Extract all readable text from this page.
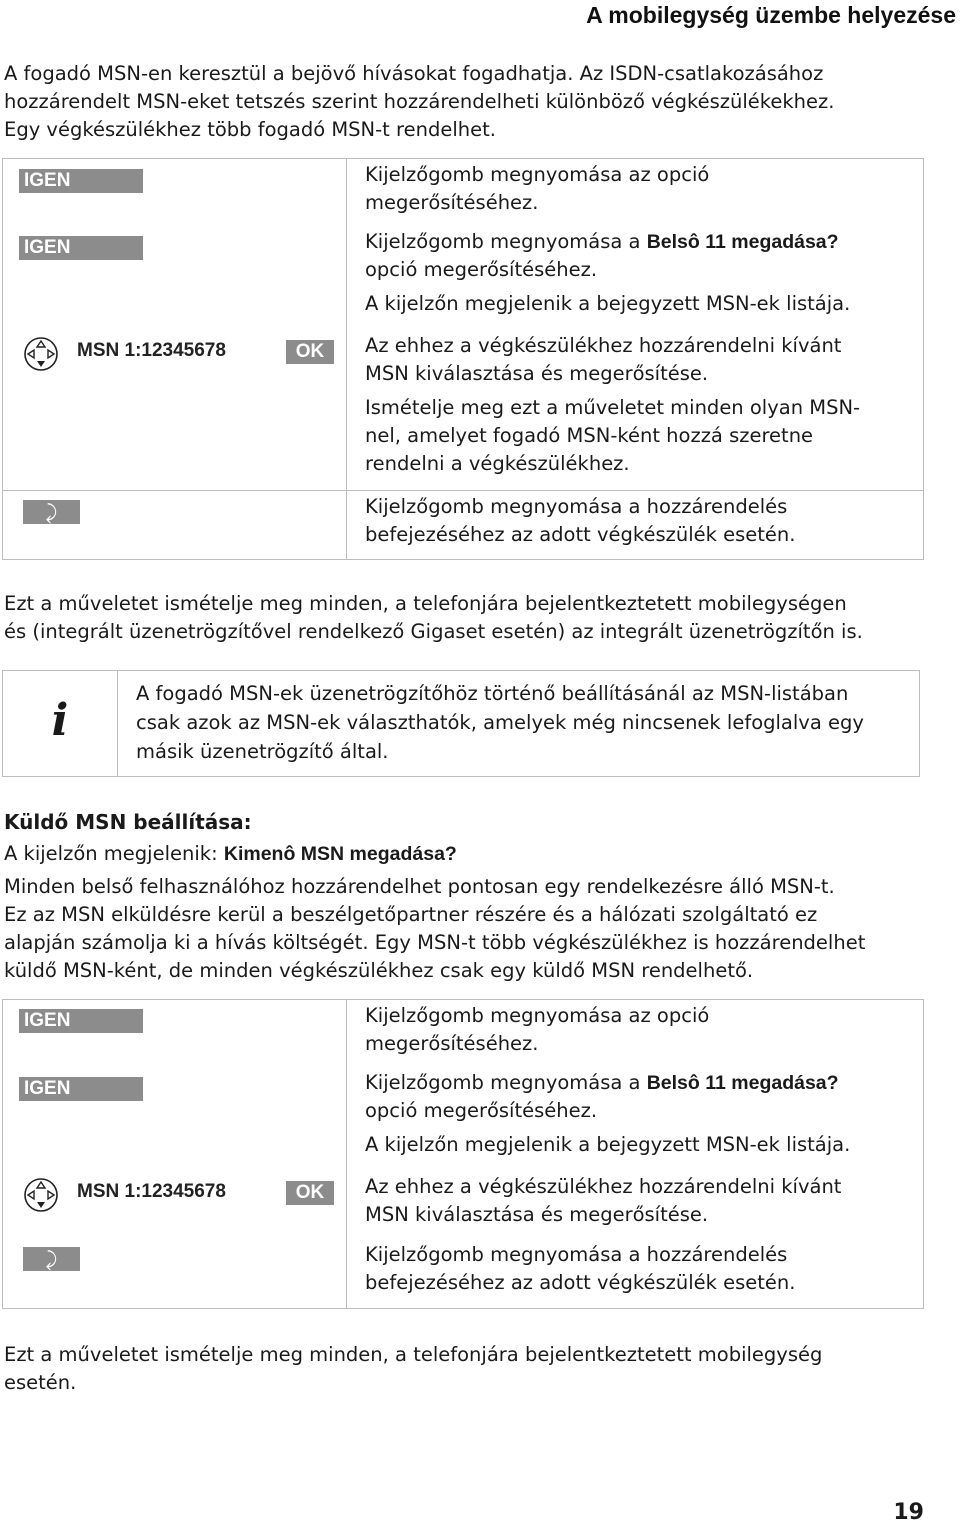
A mobilegység üzembe helyezése
A fogadó MSN-en keresztül a bejövő hívásokat fogadhatja. Az ISDN-csatlakozásához
hozzárendelt MSN-eket tetszés szerint hozzárendelheti különböző végkészülékekhez.
Egy végkészülékhez több fogadó MSN-t rendelhet.
IGEN	Kijelzőgomb megnyomása az opció
megerősítéséhez.
IGEN	Kijelzőgomb megnyomása a Belsô 11 megadása?
opció megerősítéséhez.
A kijelzőn megjelenik a bejegyzett MSN-ek listája.
MSN 1:12345678	OK	Az ehhez a végkészülékhez hozzárendelni kívánt
MSN kiválasztása és megerősítése.
Ismételje meg ezt a műveletet minden olyan MSN-
nel, amelyet fogadó MSN-ként hozzá szeretne
rendelni a végkészülékhez.
⤸	Kijelzőgomb megnyomása a hozzárendelés
befejezéséhez az adott végkészülék esetén.
Ezt a műveletet ismételje meg minden, a telefonjára bejelentkeztetett mobilegységen
és (integrált üzenetrögzítővel rendelkező Gigaset esetén) az integrált üzenetrögzítőn is.
i
A fogadó MSN-ek üzenetrögzítőhöz történő beállításánál az MSN-listában
csak azok az MSN-ek választhatók, amelyek még nincsenek lefoglalva egy
másik üzenetrögzítő által.
Küldő MSN beállítása:
A kijelzőn megjelenik: Kimenô MSN megadása?
Minden belső felhasználóhoz hozzárendelhet pontosan egy rendelkezésre álló MSN-t.
Ez az MSN elküldésre kerül a beszélgetőpartner részére és a hálózati szolgáltató ez
alapján számolja ki a hívás költségét. Egy MSN-t több végkészülékhez is hozzárendelhet
küldő MSN-ként, de minden végkészülékhez csak egy küldő MSN rendelhető.
IGEN	Kijelzőgomb megnyomása az opció
megerősítéséhez.
IGEN	Kijelzőgomb megnyomása a Belsô 11 megadása?
opció megerősítéséhez.
A kijelzőn megjelenik a bejegyzett MSN-ek listája.
MSN 1:12345678	OK	Az ehhez a végkészülékhez hozzárendelni kívánt
MSN kiválasztása és megerősítése.
⤸	Kijelzőgomb megnyomása a hozzárendelés
befejezéséhez az adott végkészülék esetén.
Ezt a műveletet ismételje meg minden, a telefonjára bejelentkeztetett mobilegység
esetén.
19
